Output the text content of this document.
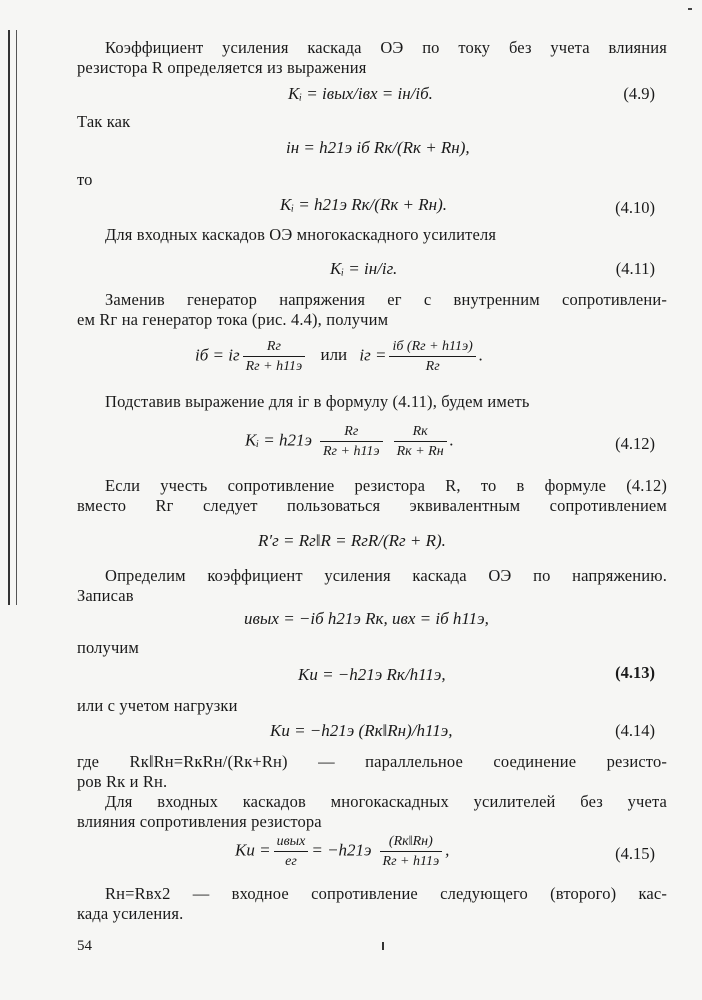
Коэффициент усиления каскада ОЭ по току без учета влияния
резистора R определяется из выражения
Kᵢ = iвых/iвх = iн/iб.	(4.9)
Так как
iн = h21э iб Rк/(Rк + Rн),
то
Kᵢ = h21э Rк/(Rк + Rн).	(4.10)
Для входных каскадов ОЭ многокаскадного усилителя
Kᵢ = iн/iг.	(4.11)
Заменив генератор напряжения eг с внутренним сопротивлени-
ем Rг на генератор тока (рис. 4.4), получим
iб = iг $\frac{Rг}{Rг + h11э}$ или iг = $\frac{iб (Rг + h11э)}{Rг}$ .
Подставив выражение для iг в формулу (4.11), будем иметь
Kᵢ = $h21э \frac{Rг}{Rг + h11э} \frac{Rк}{Rк + Rн}$ .	(4.12)
Если учесть сопротивление резистора R, то в формуле (4.12)
вместо Rг следует пользоваться эквивалентным сопротивлением
R′г = Rг‖R = RгR/(Rг + R).
Определим коэффициент усиления каскада ОЭ по напряжению.
Записав
uвых = −iб h21э Rк, uвх = iб h11э,
получим
Ku = −h21э Rк/h11э,	(4.13)
или с учетом нагрузки
Ku = −h21э (Rк‖Rн)/h11э,	(4.14)
где Rк‖Rн=RкRн/(Rк+Rн) — параллельное соединение резисто-
ров Rк и Rн.
Для входных каскадов многокаскадных усилителей без учета
влияния сопротивления резистора
$Ku = \frac{\text{uвых}}{eг} = -h21э \frac{(Rк‖Rн)}{Rг + h11э}$ ,	(4.15)
Rн=Rвх2 — входное сопротивление следующего (второго) кас-
када усиления.
54
